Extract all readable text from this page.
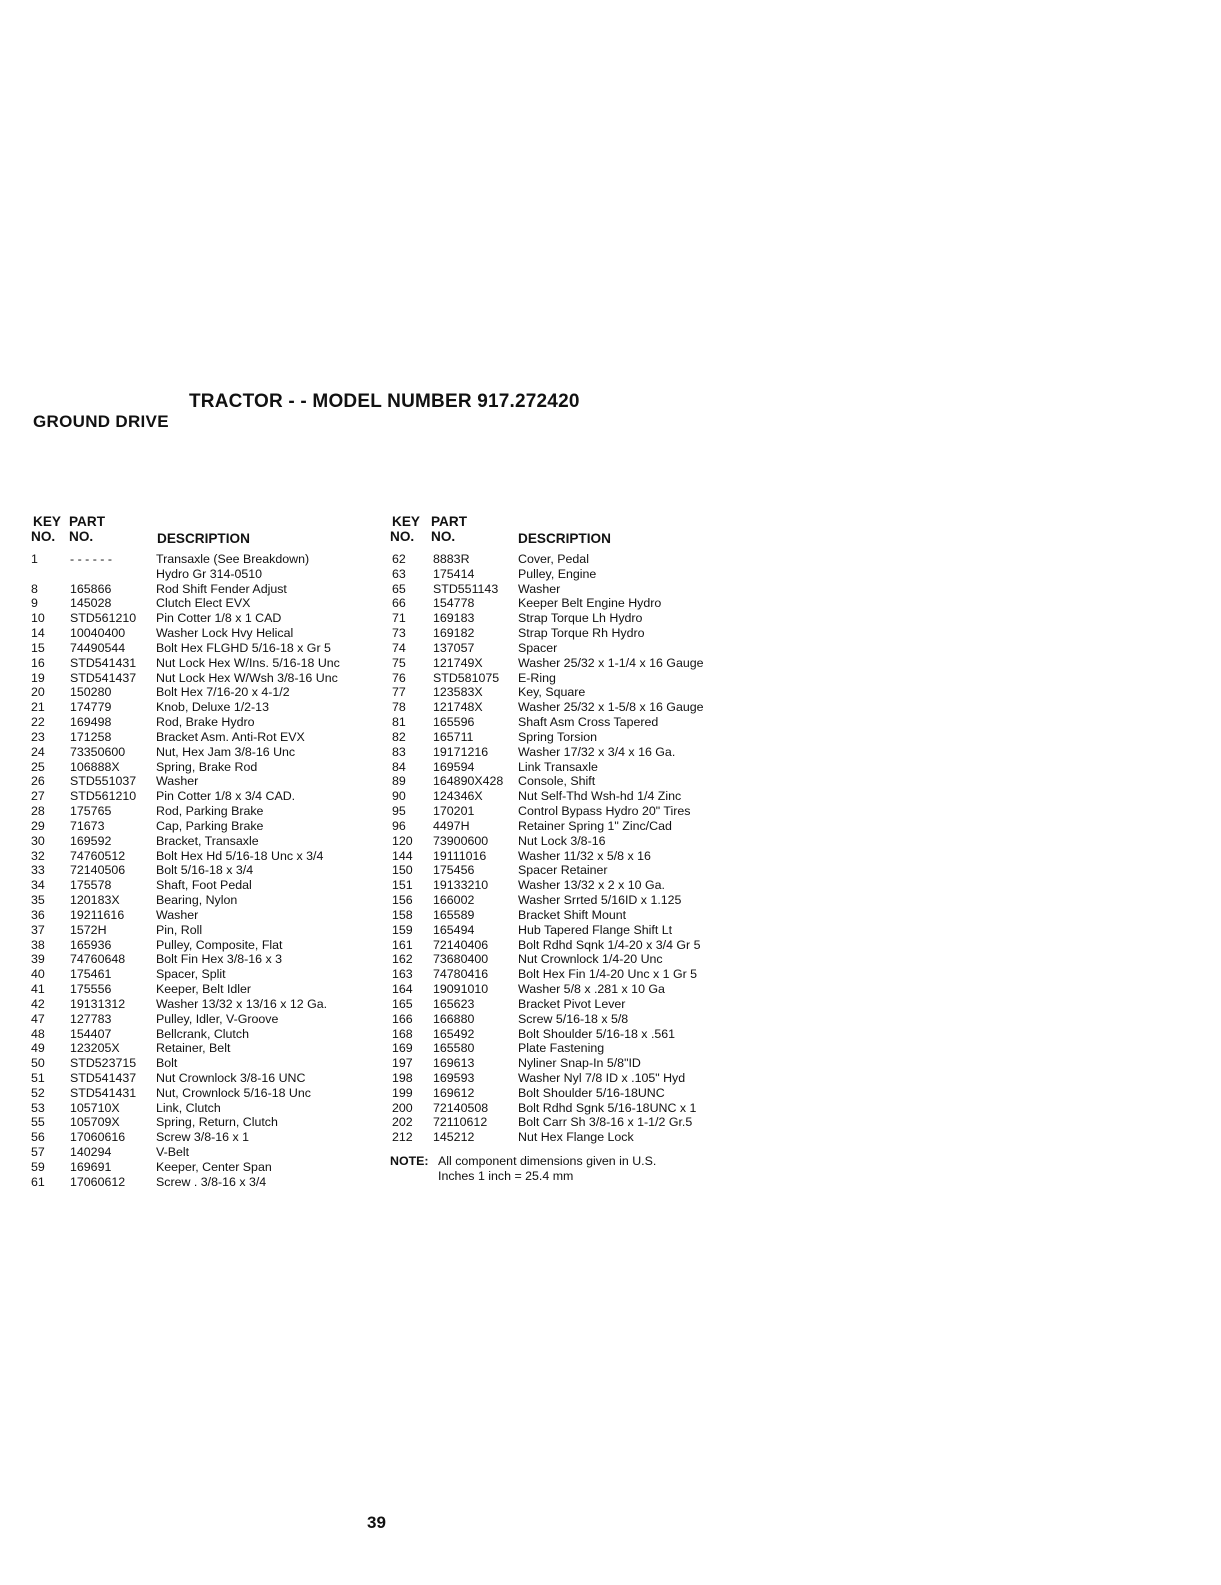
TRACTOR - - MODEL NUMBER 917.272420
GROUND DRIVE
KEY
NO.
PART
NO.	DESCRIPTION
1	- - - - - -	Transaxle (See Breakdown)
Hydro Gr 314-0510
8	165866	Rod Shift Fender Adjust
9	145028	Clutch Elect EVX
10 STD561210 Pin Cotter 1/8 x 1 CAD
14 10040400 Washer Lock Hvy Helical
15 74490544 Bolt Hex FLGHD 5/16-18 x Gr 5
16 STD541431 Nut Lock Hex W/Ins. 5/16-18 Unc
19 STD541437 Nut Lock Hex W/Wsh 3/8-16 Unc
20 150280	Bolt Hex 7/16-20 x 4-1/2
21 174779	Knob, Deluxe 1/2-13
22 169498	Rod, Brake Hydro
23 171258	Bracket Asm. Anti-Rot EVX
24 73350600 Nut, Hex Jam 3/8-16 Unc
25 106888X	Spring, Brake Rod
26 STD551037 Washer
27 STD561210 Pin Cotter 1/8 x 3/4 CAD.
28 175765	Rod, Parking Brake
29 71673	Cap, Parking Brake
30 169592	Bracket, Transaxle
32 74760512 Bolt Hex Hd 5/16-18 Unc x 3/4
33 72140506 Bolt 5/16-18 x 3/4
34 175578	Shaft, Foot Pedal
35 120183X	Bearing, Nylon
36 19211616	Washer
37 1572H	Pin, Roll
38 165936	Pulley, Composite, Flat
39 74760648 Bolt Fin Hex 3/8-16 x 3
40 175461	Spacer, Split
41 175556	Keeper, Belt Idler
42 19131312 Washer 13/32 x 13/16 x 12 Ga.
47 127783	Pulley, Idler, V-Groove
48 154407	Bellcrank, Clutch
49 123205X	Retainer, Belt
50 STD523715 Bolt
51 STD541437 Nut Crownlock 3/8-16 UNC
52 STD541431 Nut, Crownlock 5/16-18 Unc
53 105710X	Link, Clutch
55 105709X	Spring, Return, Clutch
56 17060616 Screw 3/8-16 x 1
57 140294	V-Belt
59 169691	Keeper, Center Span
61 17060612 Screw . 3/8-16 x 3/4
KEY
NO.
PART
NO.	DESCRIPTION
62 8883R	Cover, Pedal
63 175414	Pulley, Engine
65 STD551143 Washer
66 154778	Keeper Belt Engine Hydro
71 169183	Strap Torque Lh Hydro
73 169182	Strap Torque Rh Hydro
74 137057	Spacer
75 121749X	Washer 25/32 x 1-1/4 x 16 Gauge
76 STD581075 E-Ring
77 123583X	Key, Square
78 121748X	Washer 25/32 x 1-5/8 x 16 Gauge
81 165596	Shaft Asm Cross Tapered
82 165711	Spring Torsion
83 19171216 Washer 17/32 x 3/4 x 16 Ga.
84 169594	Link Transaxle
89 164890X428 Console, Shift
90 124346X	Nut Self-Thd Wsh-hd 1/4 Zinc
95 170201	Control Bypass Hydro 20" Tires
96 4497H	Retainer Spring 1" Zinc/Cad
120 73900600 Nut Lock 3/8-16
144 19111016	Washer 11/32 x 5/8 x 16
150 175456	Spacer Retainer
151 19133210 Washer 13/32 x 2 x 10 Ga.
156 166002	Washer Srrted 5/16ID x 1.125
158 165589	Bracket Shift Mount
159 165494	Hub Tapered Flange Shift Lt
161 72140406 Bolt Rdhd Sqnk 1/4-20 x 3/4 Gr 5
162 73680400 Nut Crownlock 1/4-20 Unc
163 74780416 Bolt Hex Fin 1/4-20 Unc x 1 Gr 5
164 19091010 Washer 5/8 x .281 x 10 Ga
165 165623	Bracket Pivot Lever
166 166880	Screw 5/16-18 x 5/8
168 165492	Bolt Shoulder 5/16-18 x .561
169 165580	Plate Fastening
197 169613	Nyliner Snap-In 5/8"ID
198 169593	Washer Nyl 7/8 ID x .105" Hyd
199 169612	Bolt Shoulder 5/16-18UNC
200 72140508 Bolt Rdhd Sgnk 5/16-18UNC x 1
202 72110612 Bolt Carr Sh 3/8-16 x 1-1/2 Gr.5
212 145212	Nut Hex Flange Lock
NOTE: All component dimensions given in U.S.
Inches 1 inch = 25.4 mm
39
